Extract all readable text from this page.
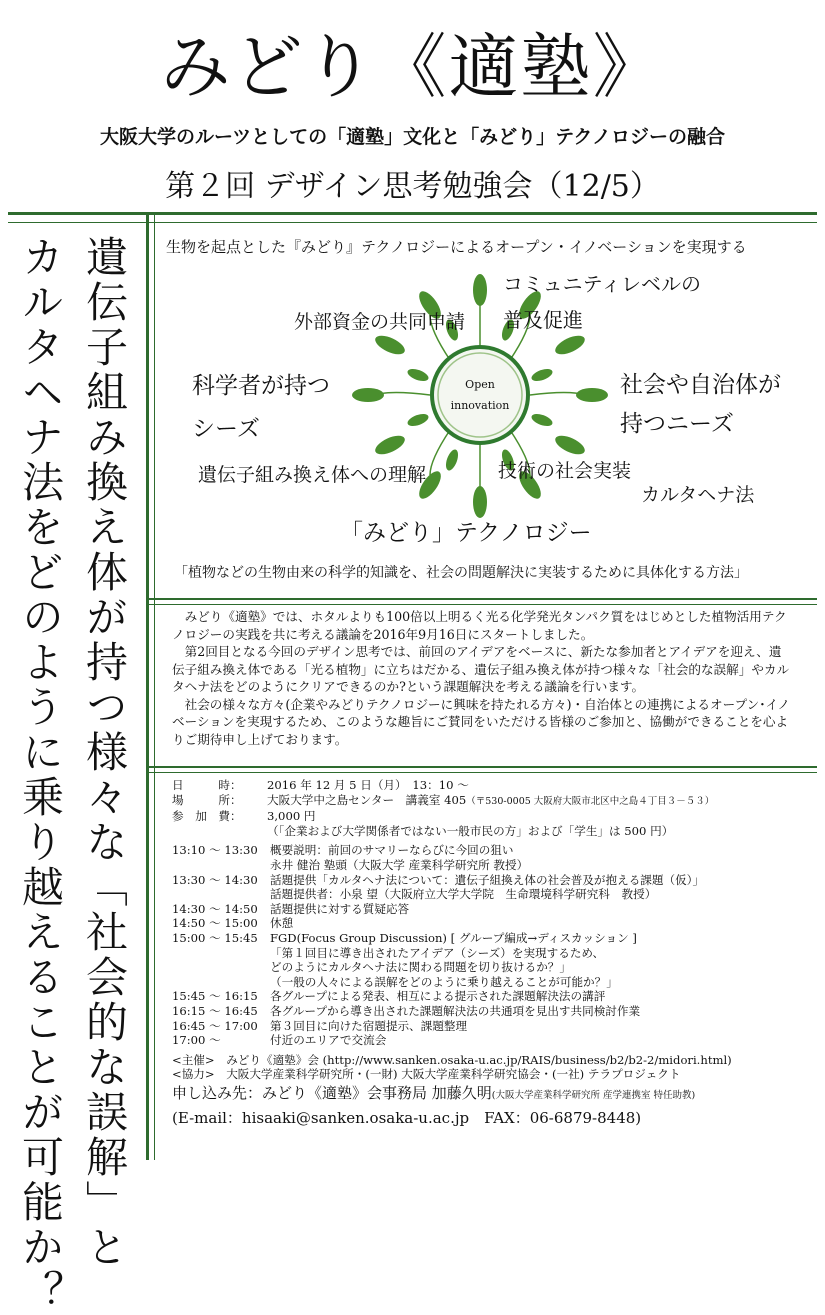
みどり《適塾》
大阪大学のルーツとしての「適塾」文化と「みどり」テクノロジーの融合
第２回 デザイン思考勉強会（12/5）
遺伝子組み換え体が持つ様々な「社会的な誤解」と
カルタヘナ法をどのように乗り越えることが可能か？	生物を起点とした『みどり』テクノロジーによるオープン・イノベーションを実現する
Open
innovation
コミュニティレベルの
普及促進
外部資金の共同申請
科学者が持つ
シーズ
社会や自治体が
持つニーズ
遺伝子組み換え体への理解	技術の社会実装
カルタヘナ法
「みどり」テクノロジー
「植物などの生物由来の科学的知識を、社会の問題解決に実装するために具体化する方法」

みどり《適塾》では、ホタルよりも100倍以上明るく光る化学発光タンパク質をはじめとした植物活用テクノロジーの実践を共に考える議論を2016年9月16日にスタートしました。

第2回目となる今回のデザイン思考では、前回のアイデアをベースに、新たな参加者とアイデアを迎え、遺伝子組み換え体である「光る植物」に立ちはだかる、遺伝子組み換え体が持つ様々な「社会的な誤解」やカルタヘナ法をどのようにクリアできるのか?という課題解決を考える議論を行います。

社会の様々な方々(企業やみどりテクノロジーに興味を持たれる方々)・自治体との連携によるオープン･イノベーションを実現するため、このような趣旨にご賛同をいただける皆様のご参加と、協働ができることを心よりご期待申し上げております。

日　　　時：	2016 年 12 月 5 日（月）　13：10 ～
場　　　所：	大阪大学中之島センター　講義室 405（〒530-0005 大阪府大阪市北区中之島４丁目３－５３）
参　加　費：	3,000 円
（「企業および大学関係者ではない一般市民の方」および「学生」は 500 円）
13:10 ～ 13:30	概要説明：前回のサマリーならびに今回の狙い
永井 健治 塾頭（大阪大学 産業科学研究所 教授）
13:30 ～ 14:30	話題提供「カルタヘナ法について：遺伝子組換え体の社会普及が抱える課題（仮）」
話題提供者：小泉 望（大阪府立大学大学院　生命環境科学研究科　教授）
14:30 ～ 14:50	話題提供に対する質疑応答
14:50 ～ 15:00	休憩
15:00 ～ 15:45	FGD(Focus Group Discussion) [ グループ編成→ディスカッション ]
「第１回目に導き出されたアイデア（シーズ）を実現するため、
どのようにカルタヘナ法に関わる問題を切り抜けるか？」
（一般の人々による誤解をどのように乗り越えることが可能か？」
15:45 ～ 16:15	各グループによる発表、相互による提示された課題解決法の講評
16:15 ～ 16:45	各グループから導き出された課題解決法の共通項を見出す共同検討作業
16:45 ～ 17:00	第３回目に向けた宿題提示、課題整理
17:00 ～	付近のエリアで交流会
<主催>　みどり《適塾》会 (http://www.sanken.osaka-u.ac.jp/RAIS/business/b2/b2-2/midori.html)
<協力>　大阪大学産業科学研究所・(一財) 大阪大学産業科学研究協会・(一社) テラプロジェクト
申し込み先：みどり《適塾》会事務局 加藤久明(大阪大学産業科学研究所 産学連携室 特任助教)
(E-mail：hisaaki@sanken.osaka-u.ac.jp　FAX：06-6879-8448)
